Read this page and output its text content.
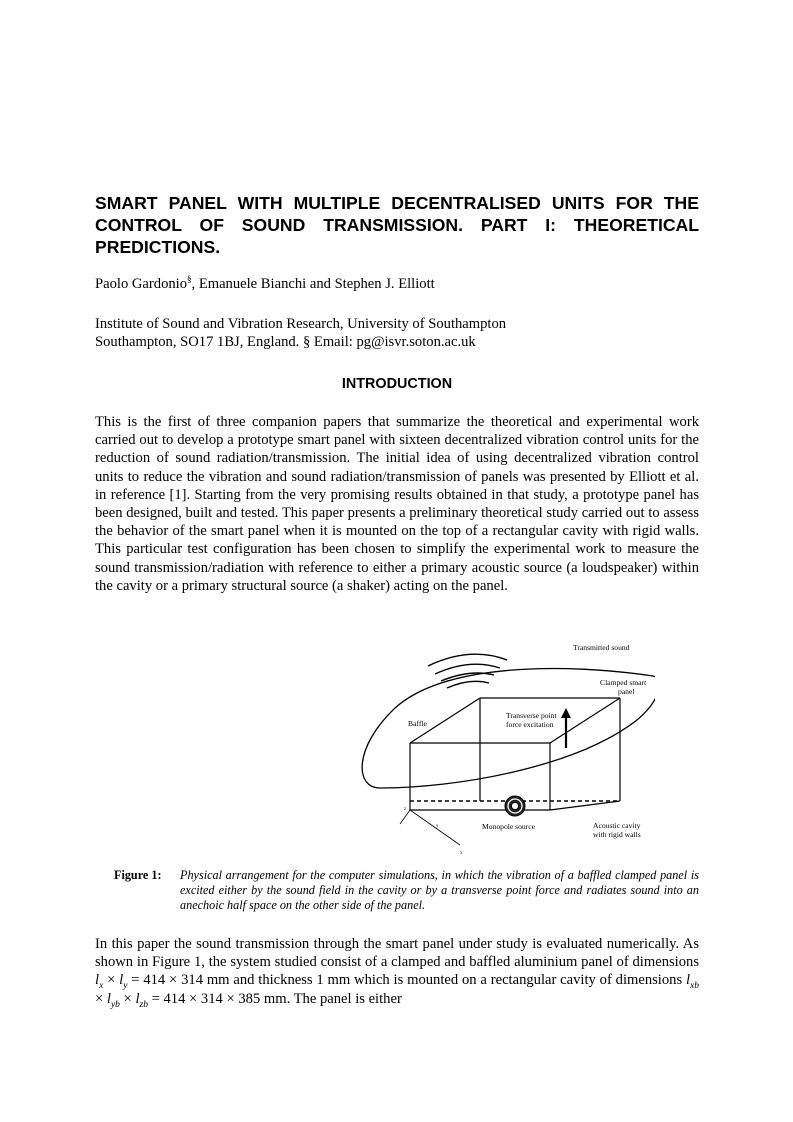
SMART PANEL WITH MULTIPLE DECENTRALISED UNITS FOR THE CONTROL OF SOUND TRANSMISSION. PART I: THEORETICAL PREDICTIONS.
Paolo Gardonio§, Emanuele Bianchi and Stephen J. Elliott
Institute of Sound and Vibration Research, University of Southampton
Southampton, SO17 1BJ, England. § Email: pg@isvr.soton.ac.uk
INTRODUCTION
This is the first of three companion papers that summarize the theoretical and experimental work carried out to develop a prototype smart panel with sixteen decentralized vibration control units for the reduction of sound radiation/transmission. The initial idea of using decentralized vibration control units to reduce the vibration and sound radiation/transmission of panels was presented by Elliott et al. in reference [1]. Starting from the very promising results obtained in that study, a prototype panel has been designed, built and tested. This paper presents a preliminary theoretical study carried out to assess the behavior of the smart panel when it is mounted on the top of a rectangular cavity with rigid walls. This particular test configuration has been chosen to simplify the experimental work to measure the sound transmission/radiation with reference to either a primary acoustic source (a loudspeaker) within the cavity or a primary structural source (a shaker) acting on the panel.
Transmitted sound
Clamped smart
panel
Transverse point
force excitation
Baffle
Monopole source	Acoustic cavity
with rigid walls
z
y
x
Figure 1: Physical arrangement for the computer simulations, in which the vibration of a baffled clamped panel is excited either by the sound field in the cavity or by a transverse point force and radiates sound into an anechoic half space on the other side of the panel.
In this paper the sound transmission through the smart panel under study is evaluated numerically. As shown in Figure 1, the system studied consist of a clamped and baffled aluminium panel of dimensions $l_x \times l_y = 414 \times 314$ mm and thickness 1 mm which is mounted on a rectangular cavity of dimensions $l_{xb} \times l_{yb} \times l_{zb} = 414 \times 314 \times 385$ mm. The panel is either
